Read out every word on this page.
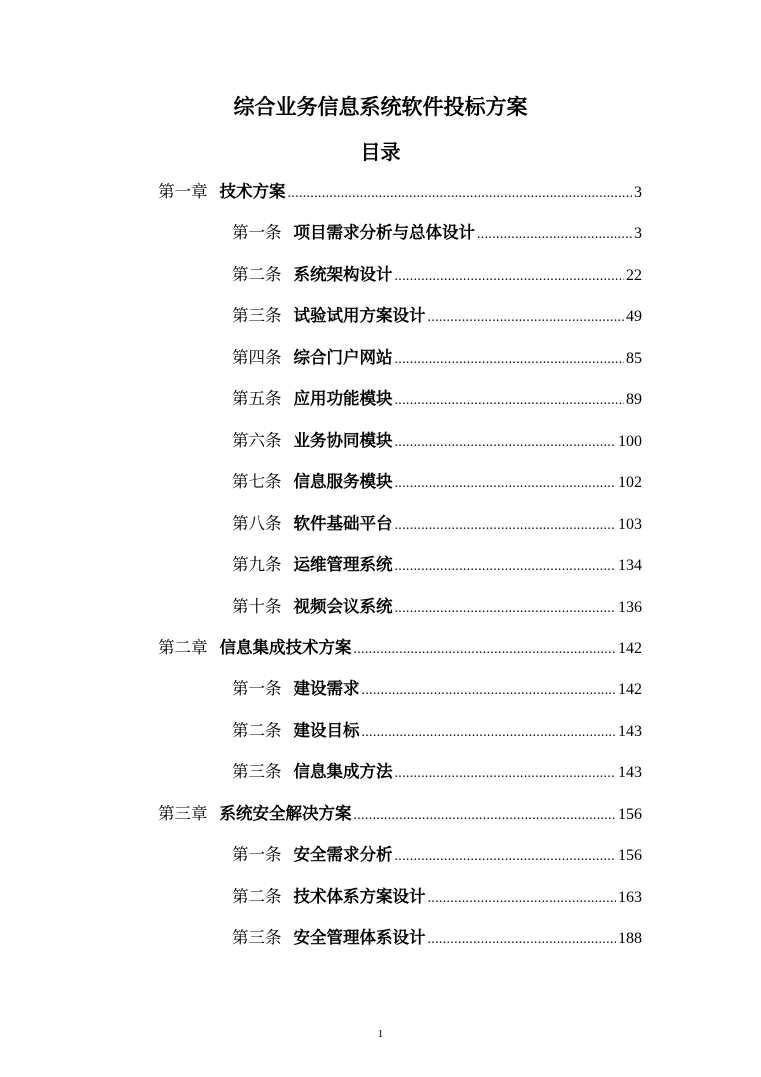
综合业务信息系统软件投标方案
目录
第一章 技术方案 .....	3
第一条 项目需求分析与总体设计 .....	3
第二条 系统架构设计 .....	22
第三条 试验试用方案设计 .....	49
第四条 综合门户网站 .....	85
第五条 应用功能模块 .....	89
第六条 业务协同模块 .....	100
第七条 信息服务模块 .....	102
第八条 软件基础平台 .....	103
第九条 运维管理系统 .....	134
第十条 视频会议系统 .....	136
第二章 信息集成技术方案 .....	142
第一条 建设需求 .....	142
第二条 建设目标 .....	143
第三条 信息集成方法 .....	143
第三章 系统安全解决方案 .....	156
第一条 安全需求分析 .....	156
第二条 技术体系方案设计 .....	163
第三条 安全管理体系设计 .....	188
1
